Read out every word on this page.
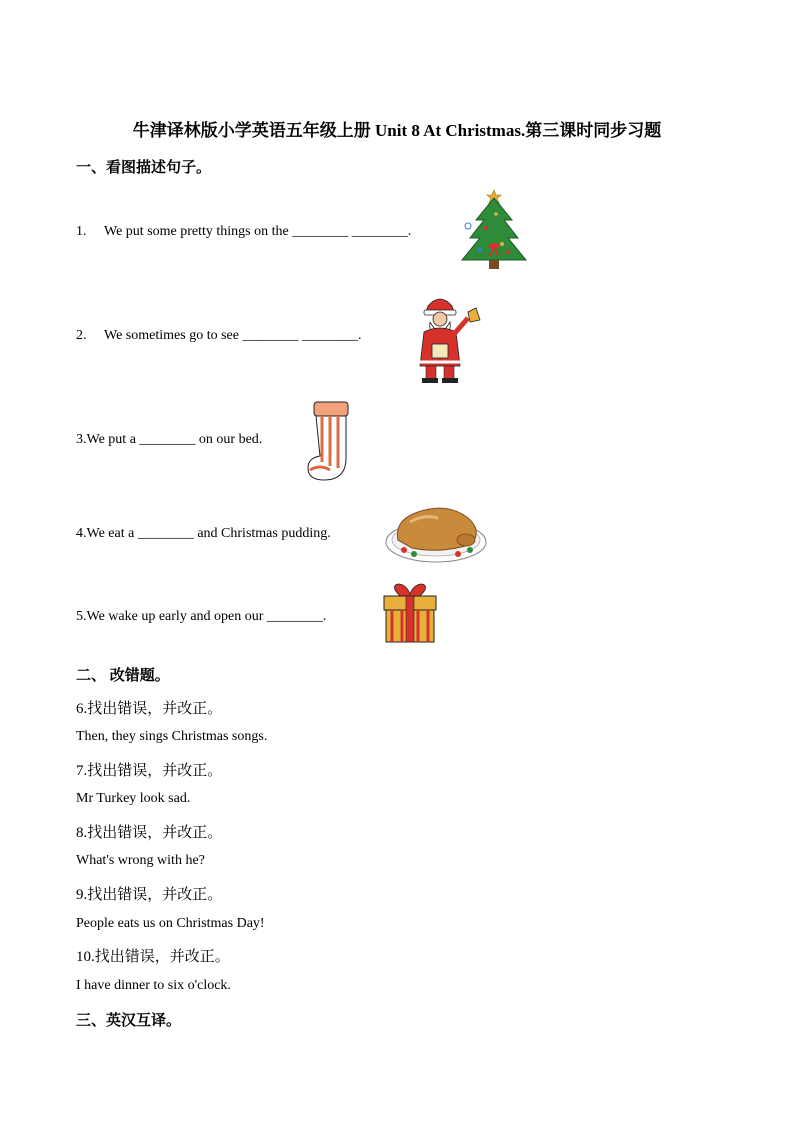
牛津译林版小学英语五年级上册 Unit 8 At Christmas.第三课时同步习题
一、看图描述句子。
1. We put some pretty things on the ________ ________.
2. We sometimes go to see ________ ________.
3.We put a ________ on our bed.
4.We eat a ________ and Christmas pudding.
5.We wake up early and open our ________.
二、 改错题。
6.找出错误，并改正。
Then, they sings Christmas songs.
7.找出错误，并改正。
Mr Turkey look sad.
8.找出错误，并改正。
What's wrong with he?
9.找出错误，并改正。
People eats us on Christmas Day!
10.找出错误，并改正。
I have dinner to six o'clock.
三、英汉互译。
